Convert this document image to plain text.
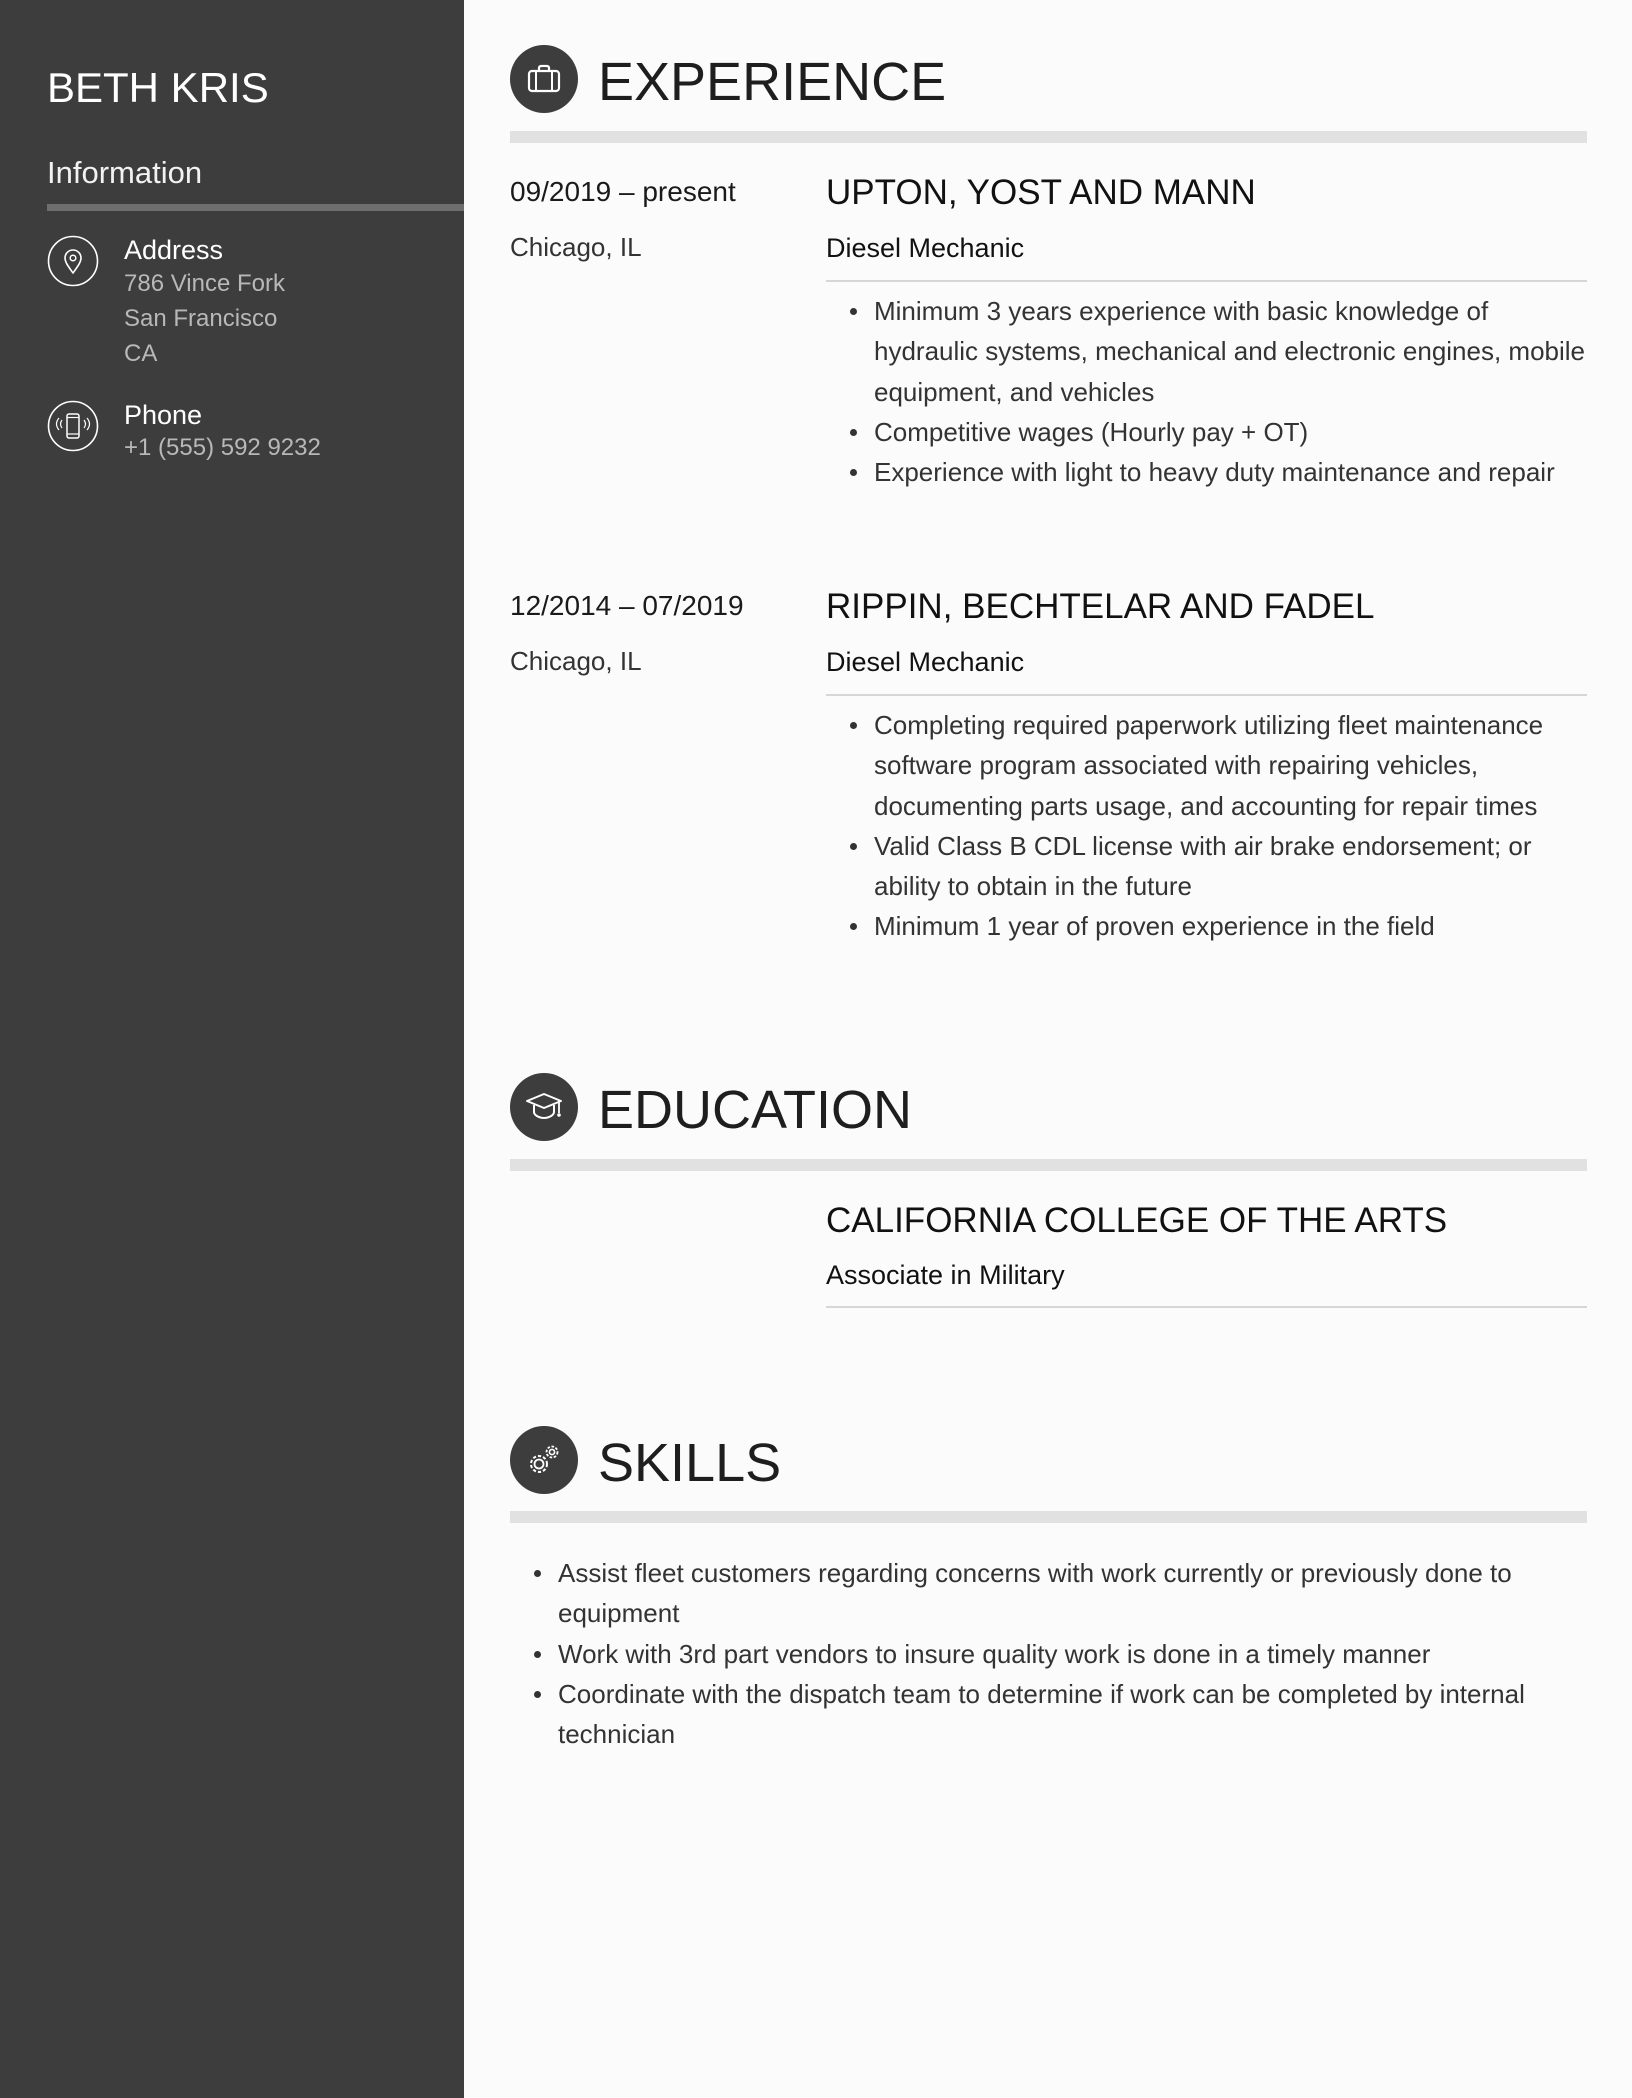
BETH KRIS
Information
Address
786 Vince Fork
San Francisco
CA
Phone
+1 (555) 592 9232
EXPERIENCE
09/2019 – present
Chicago, IL
UPTON, YOST AND MANN
Diesel Mechanic
Minimum 3 years experience with basic knowledge of hydraulic systems, mechanical and electronic engines, mobile equipment, and vehicles
Competitive wages (Hourly pay + OT)
Experience with light to heavy duty maintenance and repair
12/2014 – 07/2019
Chicago, IL
RIPPIN, BECHTELAR AND FADEL
Diesel Mechanic
Completing required paperwork utilizing fleet maintenance software program associated with repairing vehicles, documenting parts usage, and accounting for repair times
Valid Class B CDL license with air brake endorsement; or ability to obtain in the future
Minimum 1 year of proven experience in the field
EDUCATION
CALIFORNIA COLLEGE OF THE ARTS
Associate in Military
SKILLS
Assist fleet customers regarding concerns with work currently or previously done to equipment
Work with 3rd part vendors to insure quality work is done in a timely manner
Coordinate with the dispatch team to determine if work can be completed by internal technician
